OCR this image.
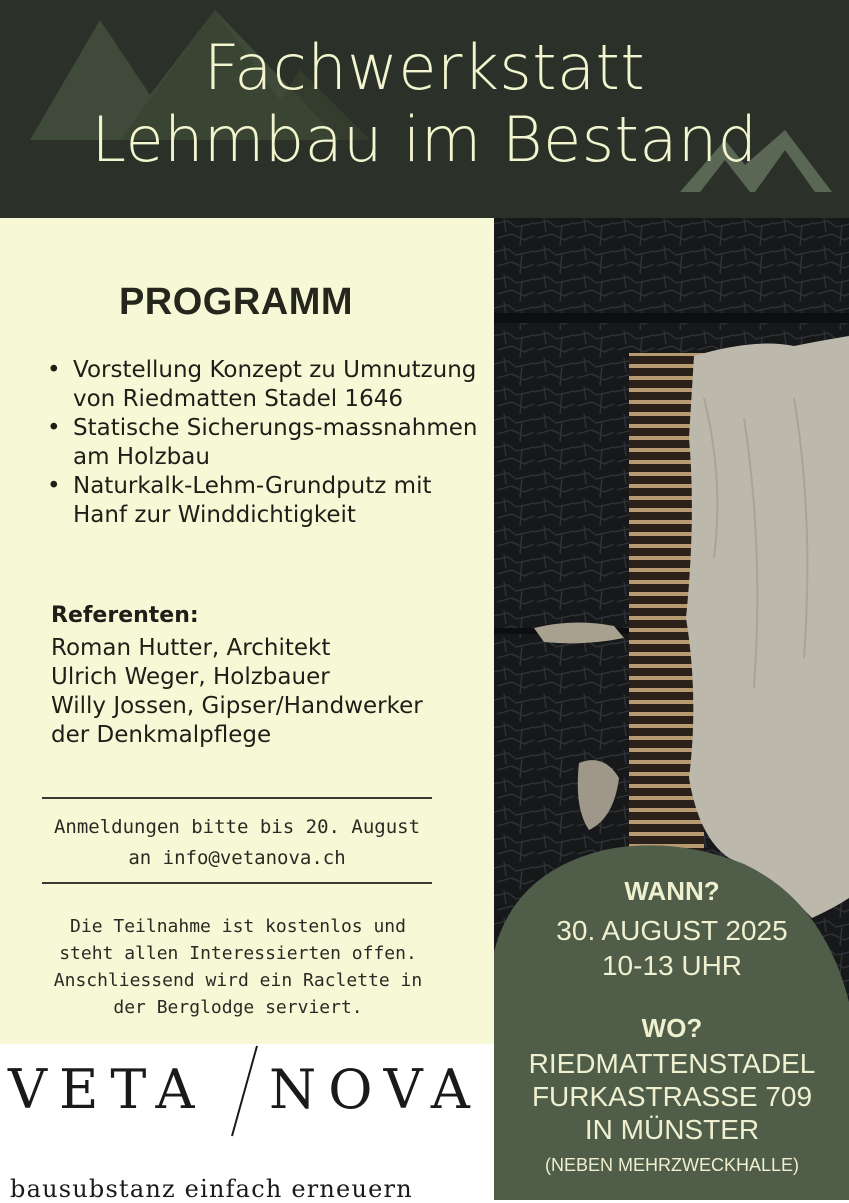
Fachwerkstatt
Lehmbau im Bestand
PROGRAMM
• Vorstellung Konzept zu Umnutzung von Riedmatten Stadel 1646
• Statische Sicherungs-massnahmen am Holzbau
• Naturkalk-Lehm-Grundputz mit Hanf zur Winddichtigkeit
Referenten:
Roman Hutter, Architekt
Ulrich Weger, Holzbauer
Willy Jossen, Gipser/Handwerker
der Denkmalpflege
Anmeldungen bitte bis 20. August
an info@vetanova.ch
Die Teilnahme ist kostenlos und
steht allen Interessierten offen.
Anschliessend wird ein Raclette in
der Berglodge serviert.
VETA NOVA
bausubstanz einfach erneuern
WANN?
30. AUGUST 2025
10-13 UHR
WO?
RIEDMATTENSTADEL
FURKASTRASSE 709
IN MÜNSTER
(NEBEN MEHRZWECKHALLE)
